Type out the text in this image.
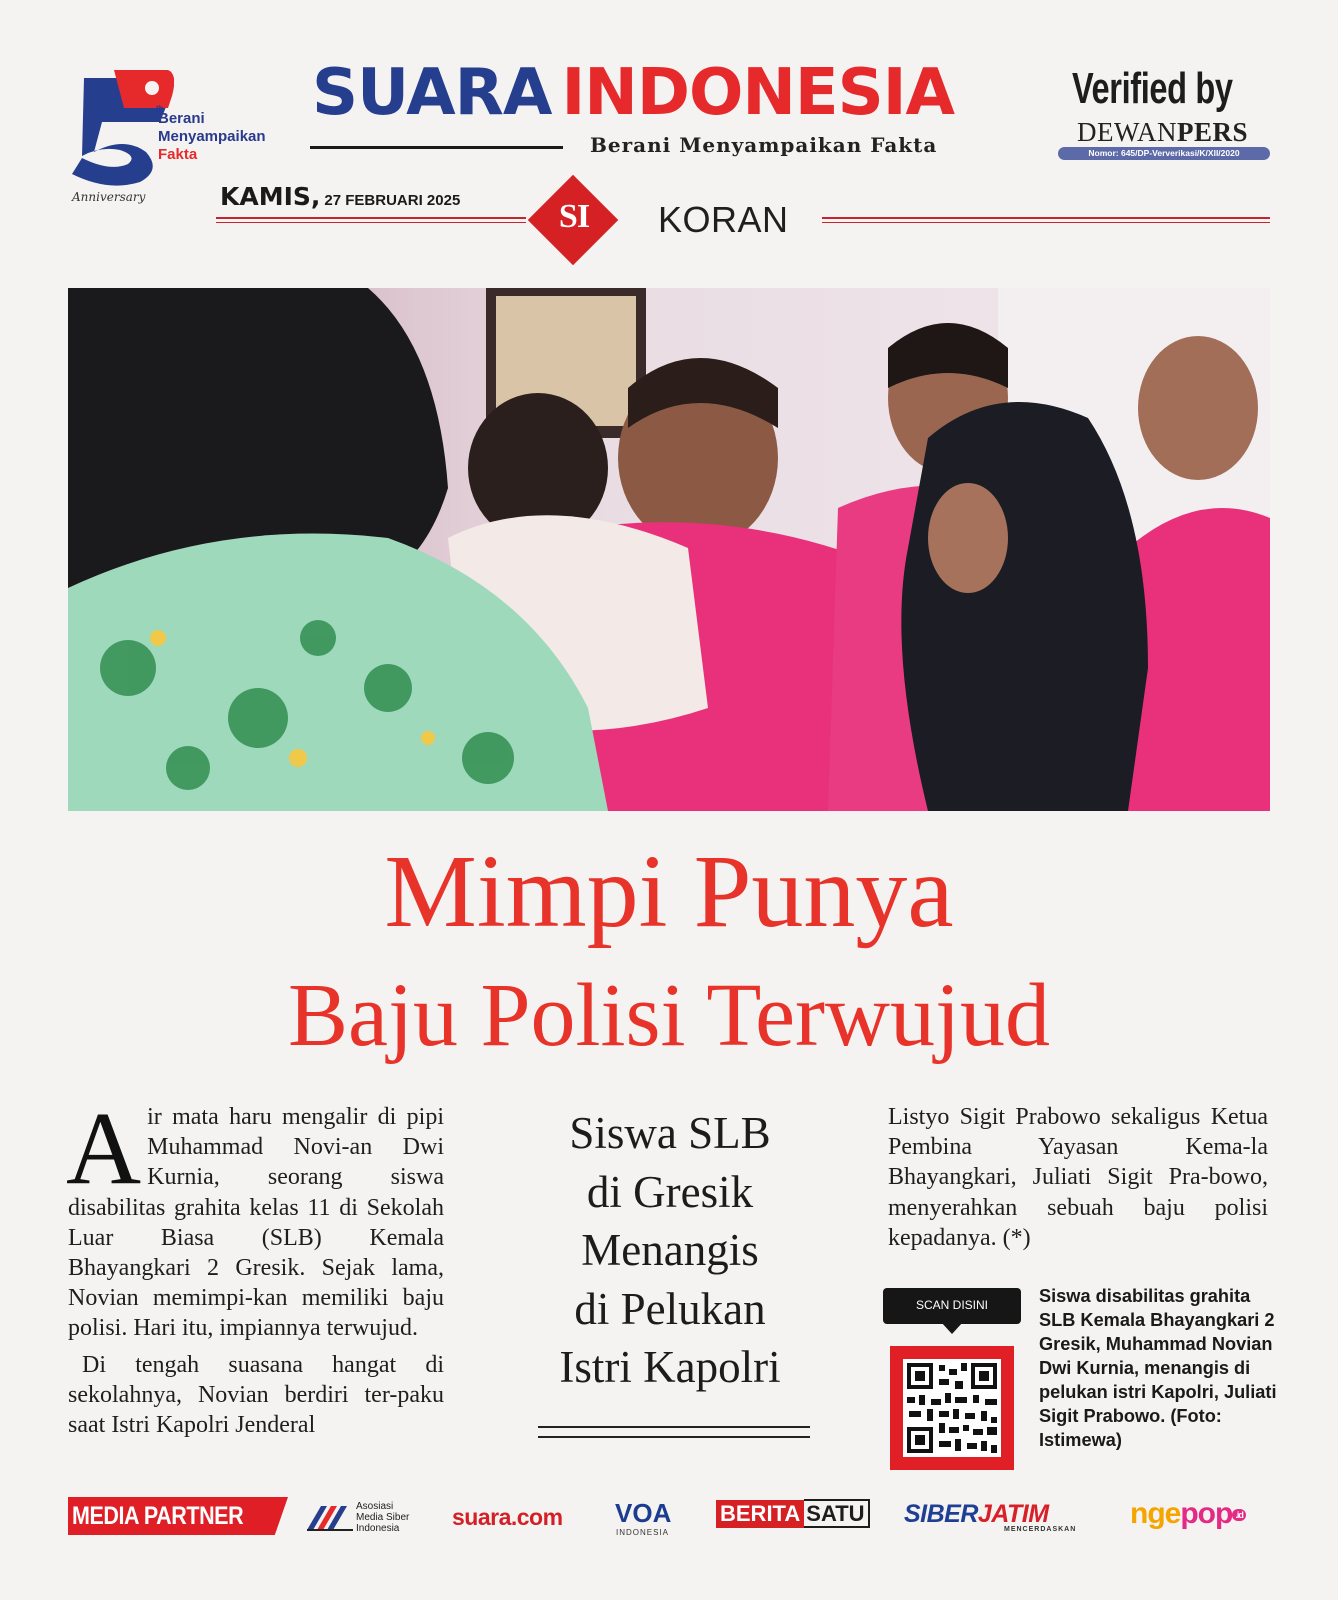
th
Berani
Menyampaikan
Fakta
Anniversary
SUARA INDONESIA
Berani Menyampaikan Fakta
Verified by
DEWANPERS
Nomor: 645/DP-Ververikasi/K/XII/2020
KAMIS, 27 FEBRUARI 2025	SI	KORAN
Mimpi Punya
Baju Polisi Terwujud

Air mata haru mengalir di pipi Muhammad Novi-an Dwi Kurnia, seorang siswa disabilitas grahita kelas 11 di Sekolah Luar Biasa (SLB) Kemala Bhayangkari 2 Gresik. Sejak lama, Novian memimpi-kan memiliki baju polisi. Hari itu, impiannya terwujud.

Di tengah suasana hangat di sekolahnya, Novian berdiri ter-paku saat Istri Kapolri Jenderal

Siswa SLB
di Gresik
Menangis
di Pelukan
Istri Kapolri

Listyo Sigit Prabowo sekaligus Ketua Pembina Yayasan Kema-la Bhayangkari, Juliati Sigit Pra-bowo, menyerahkan sebuah baju polisi kepadanya. (*)

SCAN DISINI	Siswa disabilitas grahita SLB Kemala Bhayangkari 2 Gresik, Muhammad Novian Dwi Kurnia, menangis di pelukan istri Kapolri, Juliati Sigit Prabowo. (Foto: Istimewa)
MEDIA PARTNER	Asosiasi
Media Siber
Indonesia	suara.com VOA
INDONESIA
BERITA SATU SIBERJATIM
MENCERDASKAN ngepop .id
